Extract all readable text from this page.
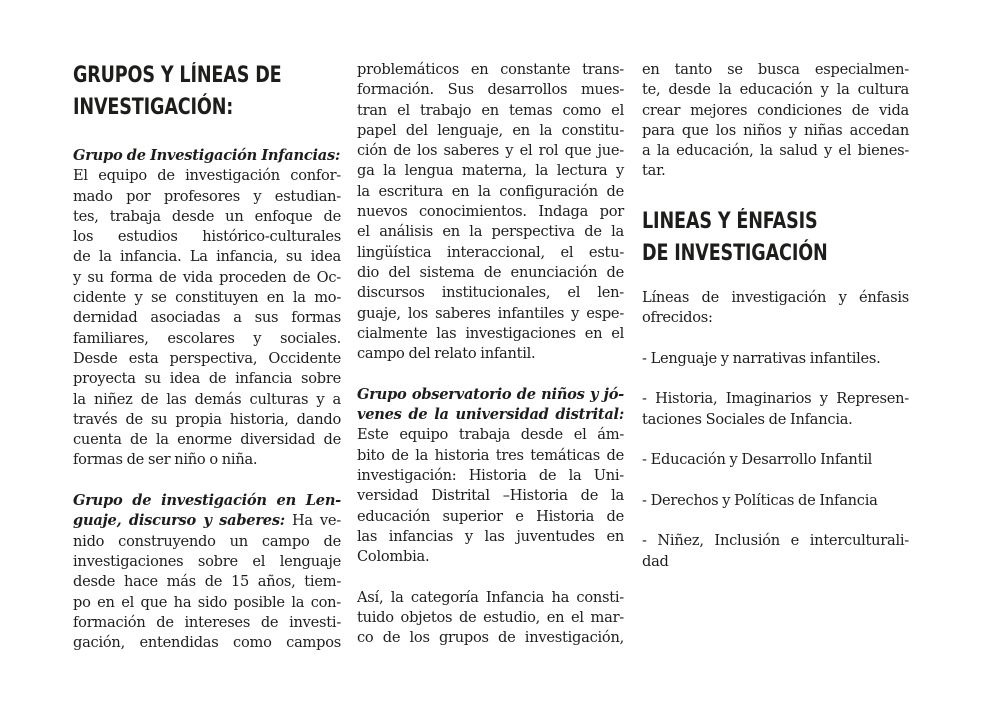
GRUPOS Y LÍNEAS DE
INVESTIGACIÓN:

Grupo de Investigación Infancias:
El equipo de investigación confor-
mado por profesores y estudian-
tes, trabaja desde un enfoque de
los estudios histórico-culturales
de la infancia. La infancia, su idea
y su forma de vida proceden de Oc-
cidente y se constituyen en la mo-
dernidad asociadas a sus formas
familiares, escolares y sociales.
Desde esta perspectiva, Occidente
proyecta su idea de infancia sobre
la niñez de las demás culturas y a
través de su propia historia, dando
cuenta de la enorme diversidad de
formas de ser niño o niña.

Grupo de investigación en Len-
guaje, discurso y saberes: Ha ve-
nido construyendo un campo de
investigaciones sobre el lenguaje
desde hace más de 15 años, tiem-
po en el que ha sido posible la con-
formación de intereses de investi-
gación, entendidas como campos

problemáticos en constante trans-
formación. Sus desarrollos mues-
tran el trabajo en temas como el
papel del lenguaje, en la constitu-
ción de los saberes y el rol que jue-
ga la lengua materna, la lectura y
la escritura en la configuración de
nuevos conocimientos. Indaga por
el análisis en la perspectiva de la
lingüística interaccional, el estu-
dio del sistema de enunciación de
discursos institucionales, el len-
guaje, los saberes infantiles y espe-
cialmente las investigaciones en el
campo del relato infantil.

Grupo observatorio de niños y jó-
venes de la universidad distrital:
Este equipo trabaja desde el ám-
bito de la historia tres temáticas de
investigación: Historia de la Uni-
versidad Distrital –Historia de la
educación superior e Historia de
las infancias y las juventudes en
Colombia.

Así, la categoría Infancia ha consti-
tuido objetos de estudio, en el mar-
co de los grupos de investigación,

en tanto se busca especialmen-
te, desde la educación y la cultura
crear mejores condiciones de vida
para que los niños y niñas accedan
a la educación, la salud y el bienes-
tar.

LINEAS Y ÉNFASIS
DE INVESTIGACIÓN

Líneas de investigación y énfasis
ofrecidos:

- Lenguaje y narrativas infantiles.

- Historia, Imaginarios y Represen-
taciones Sociales de Infancia.

- Educación y Desarrollo Infantil

- Derechos y Políticas de Infancia

- Niñez, Inclusión e interculturali-
dad
